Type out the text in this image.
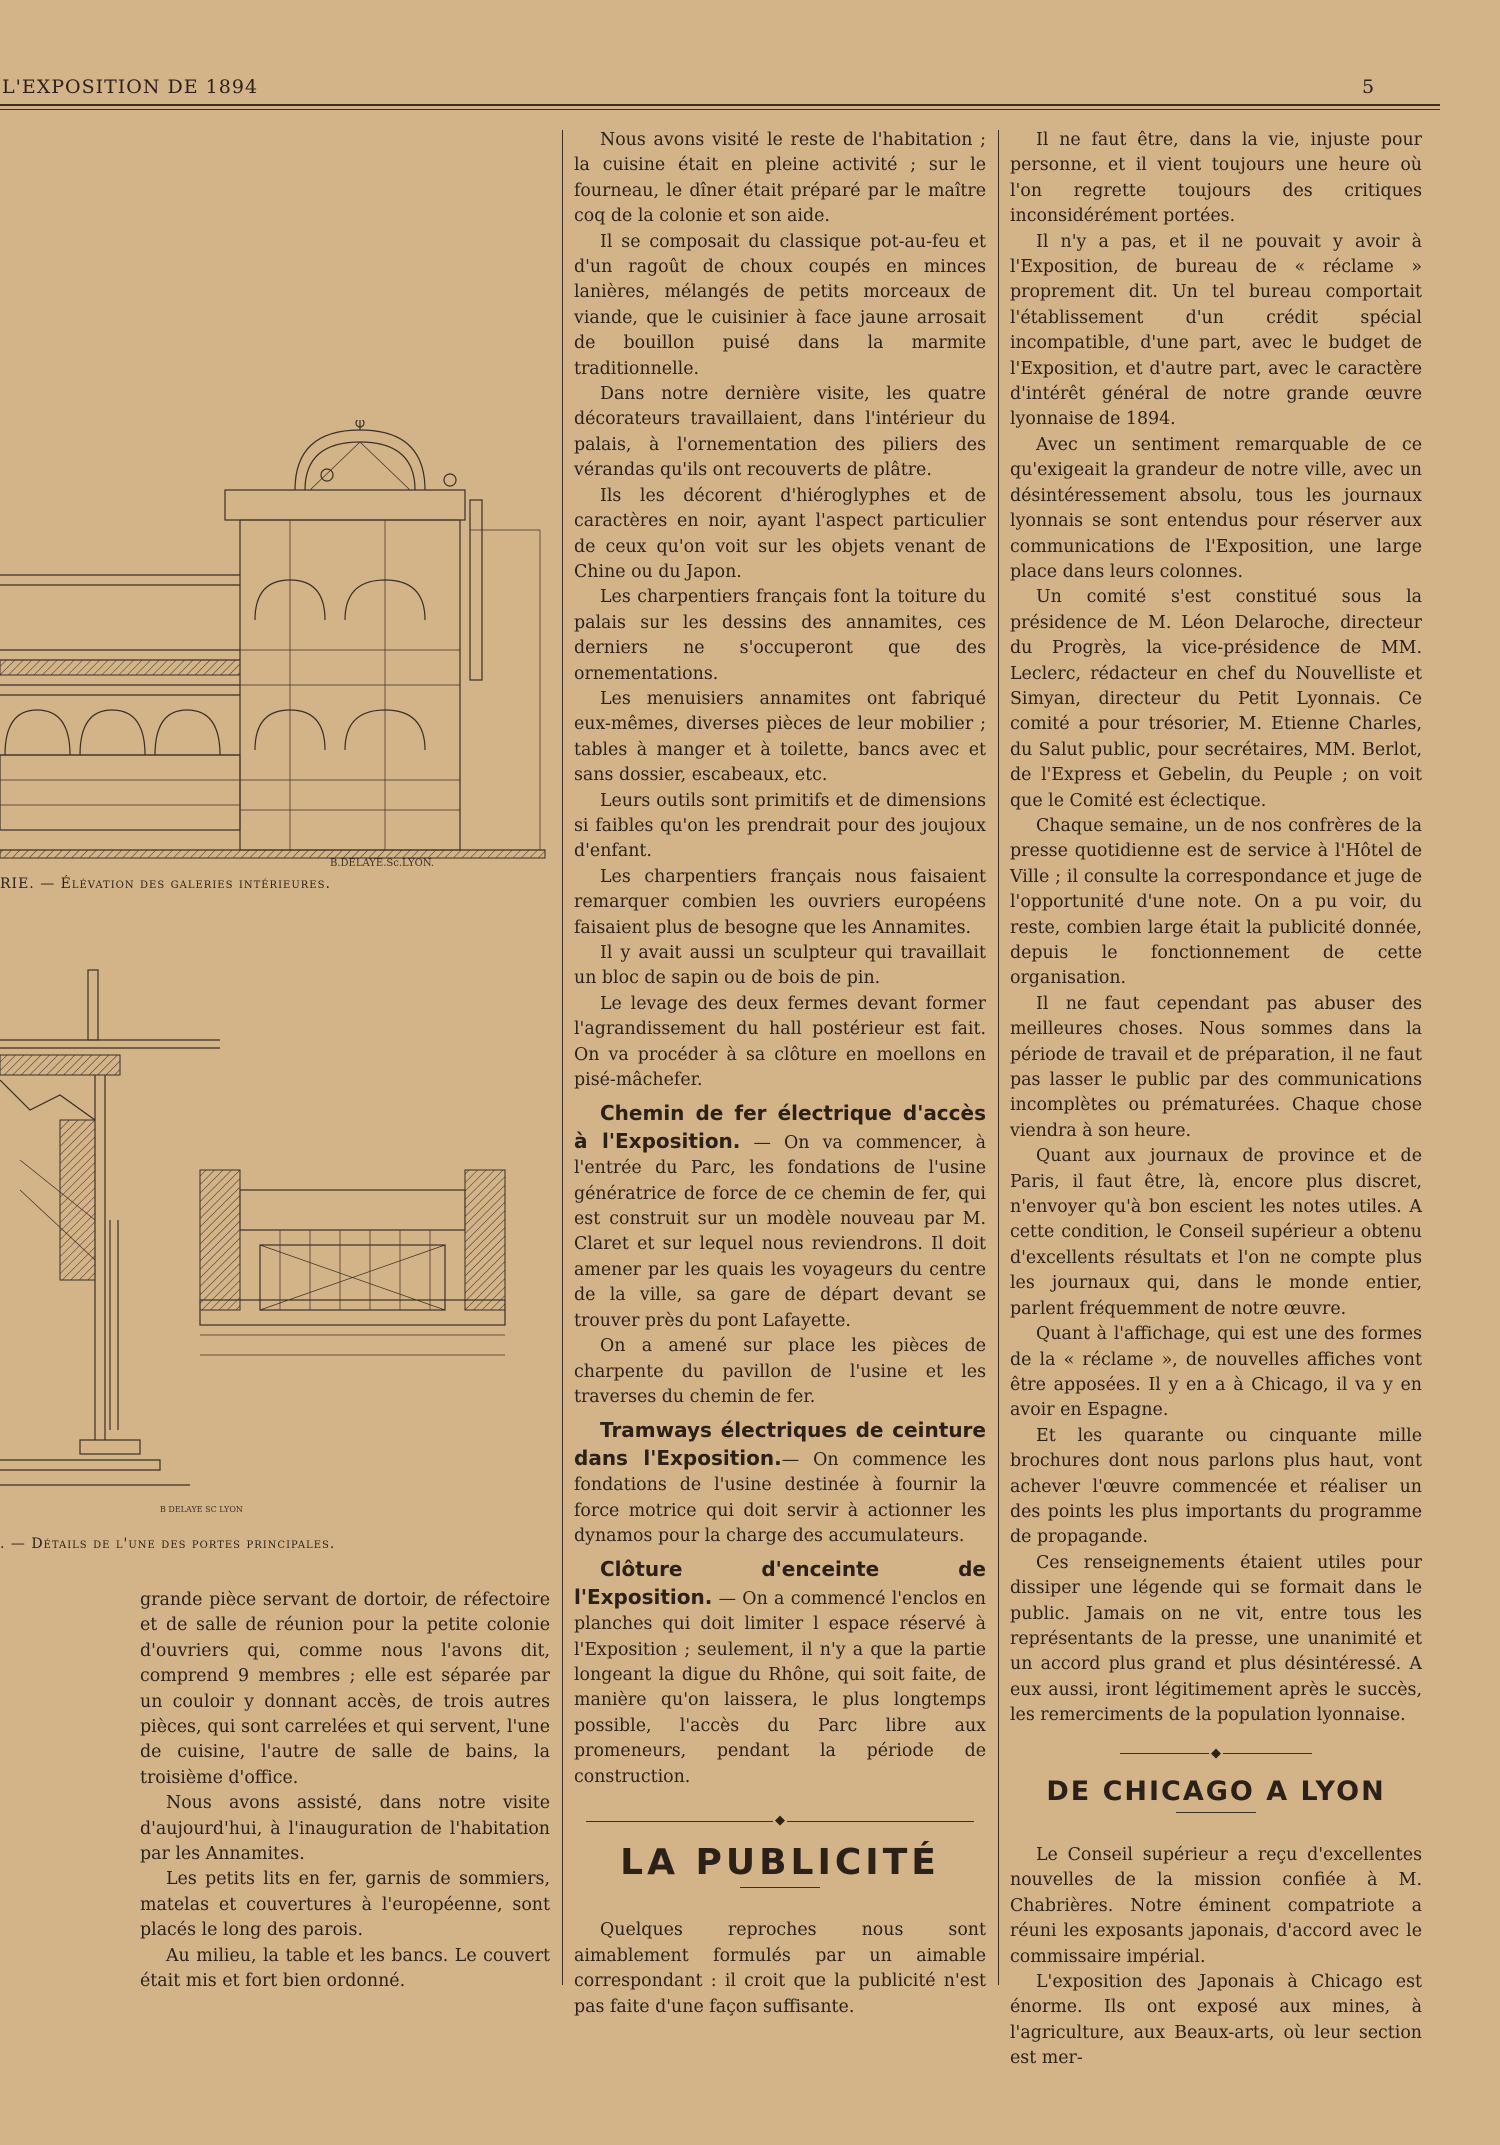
L'EXPOSITION DE 1894	5
B.DELAYE.Sc.LYON.
RIE. — Élévation des galeries intérieures.
B DELAYE SC LYON
. — Détails de l'une des portes principales.

grande pièce servant de dortoir, de réfectoire et de salle de réunion pour la petite colonie d'ouvriers qui, comme nous l'avons dit, comprend 9 membres ; elle est séparée par un couloir y donnant accès, de trois autres pièces, qui sont carrelées et qui servent, l'une de cuisine, l'autre de salle de bains, la troisième d'office.

Nous avons assisté, dans notre visite d'aujourd'hui, à l'inauguration de l'habitation par les Annamites.

Les petits lits en fer, garnis de sommiers, matelas et couvertures à l'européenne, sont placés le long des parois.

Au milieu, la table et les bancs. Le couvert était mis et fort bien ordonné.

Nous avons visité le reste de l'habitation ; la cuisine était en pleine activité ; sur le fourneau, le dîner était préparé par le maître coq de la colonie et son aide.

Il se composait du classique pot-au-feu et d'un ragoût de choux coupés en minces lanières, mélangés de petits morceaux de viande, que le cuisinier à face jaune arrosait de bouillon puisé dans la marmite traditionnelle.

Dans notre dernière visite, les quatre décorateurs travaillaient, dans l'intérieur du palais, à l'ornementation des piliers des vérandas qu'ils ont recouverts de plâtre.

Ils les décorent d'hiéroglyphes et de caractères en noir, ayant l'aspect particulier de ceux qu'on voit sur les objets venant de Chine ou du Japon.

Les charpentiers français font la toiture du palais sur les dessins des annamites, ces derniers ne s'occuperont que des ornementations.

Les menuisiers annamites ont fabriqué eux-mêmes, diverses pièces de leur mobilier ; tables à manger et à toilette, bancs avec et sans dossier, escabeaux, etc.

Leurs outils sont primitifs et de dimensions si faibles qu'on les prendrait pour des joujoux d'enfant.

Les charpentiers français nous faisaient remarquer combien les ouvriers européens faisaient plus de besogne que les Annamites.

Il y avait aussi un sculpteur qui travaillait un bloc de sapin ou de bois de pin.

Le levage des deux fermes devant former l'agrandissement du hall postérieur est fait. On va procéder à sa clôture en moellons en pisé-mâchefer.

Chemin de fer électrique d'accès à l'Exposition. — On va commencer, à l'entrée du Parc, les fondations de l'usine génératrice de force de ce chemin de fer, qui est construit sur un modèle nouveau par M. Claret et sur lequel nous reviendrons. Il doit amener par les quais les voyageurs du centre de la ville, sa gare de départ devant se trouver près du pont Lafayette.

On a amené sur place les pièces de charpente du pavillon de l'usine et les traverses du chemin de fer.

Tramways électriques de ceinture dans l'Exposition.— On commence les fondations de l'usine destinée à fournir la force motrice qui doit servir à actionner les dynamos pour la charge des accumulateurs.

Clôture d'enceinte de l'Exposition. — On a commencé l'enclos en planches qui doit limiter l espace réservé à l'Exposition ; seulement, il n'y a que la partie longeant la digue du Rhône, qui soit faite, de manière qu'on laissera, le plus longtemps possible, l'accès du Parc libre aux promeneurs, pendant la période de construction.

◆
LA PUBLICITÉ

Quelques reproches nous sont aimablement formulés par un aimable correspondant : il croit que la publicité n'est pas faite d'une façon suffisante.

Il ne faut être, dans la vie, injuste pour personne, et il vient toujours une heure où l'on regrette toujours des critiques inconsidérément portées.

Il n'y a pas, et il ne pouvait y avoir à l'Exposition, de bureau de « réclame » proprement dit. Un tel bureau comportait l'établissement d'un crédit spécial incompatible, d'une part, avec le budget de l'Exposition, et d'autre part, avec le caractère d'intérêt général de notre grande œuvre lyonnaise de 1894.

Avec un sentiment remarquable de ce qu'exigeait la grandeur de notre ville, avec un désintéressement absolu, tous les journaux lyonnais se sont entendus pour réserver aux communications de l'Exposition, une large place dans leurs colonnes.

Un comité s'est constitué sous la présidence de M. Léon Delaroche, directeur du Progrès, la vice-présidence de MM. Leclerc, rédacteur en chef du Nouvelliste et Simyan, directeur du Petit Lyonnais. Ce comité a pour trésorier, M. Etienne Charles, du Salut public, pour secrétaires, MM. Berlot, de l'Express et Gebelin, du Peuple ; on voit que le Comité est éclectique.

Chaque semaine, un de nos confrères de la presse quotidienne est de service à l'Hôtel de Ville ; il consulte la correspondance et juge de l'opportunité d'une note. On a pu voir, du reste, combien large était la publicité donnée, depuis le fonctionnement de cette organisation.

Il ne faut cependant pas abuser des meilleures choses. Nous sommes dans la période de travail et de préparation, il ne faut pas lasser le public par des communications incomplètes ou prématurées. Chaque chose viendra à son heure.

Quant aux journaux de province et de Paris, il faut être, là, encore plus discret, n'envoyer qu'à bon escient les notes utiles. A cette condition, le Conseil supérieur a obtenu d'excellents résultats et l'on ne compte plus les journaux qui, dans le monde entier, parlent fréquemment de notre œuvre.

Quant à l'affichage, qui est une des formes de la « réclame », de nouvelles affiches vont être apposées. Il y en a à Chicago, il va y en avoir en Espagne.

Et les quarante ou cinquante mille brochures dont nous parlons plus haut, vont achever l'œuvre commencée et réaliser un des points les plus importants du programme de propagande.

Ces renseignements étaient utiles pour dissiper une légende qui se formait dans le public. Jamais on ne vit, entre tous les représentants de la presse, une unanimité et un accord plus grand et plus désintéressé. A eux aussi, iront légitimement après le succès, les remerciments de la population lyonnaise.

◆
DE CHICAGO A LYON

Le Conseil supérieur a reçu d'excellentes nouvelles de la mission confiée à M. Chabrières. Notre éminent compatriote a réuni les exposants japonais, d'accord avec le commissaire impérial.

L'exposition des Japonais à Chicago est énorme. Ils ont exposé aux mines, à l'agriculture, aux Beaux-arts, où leur section est mer-
